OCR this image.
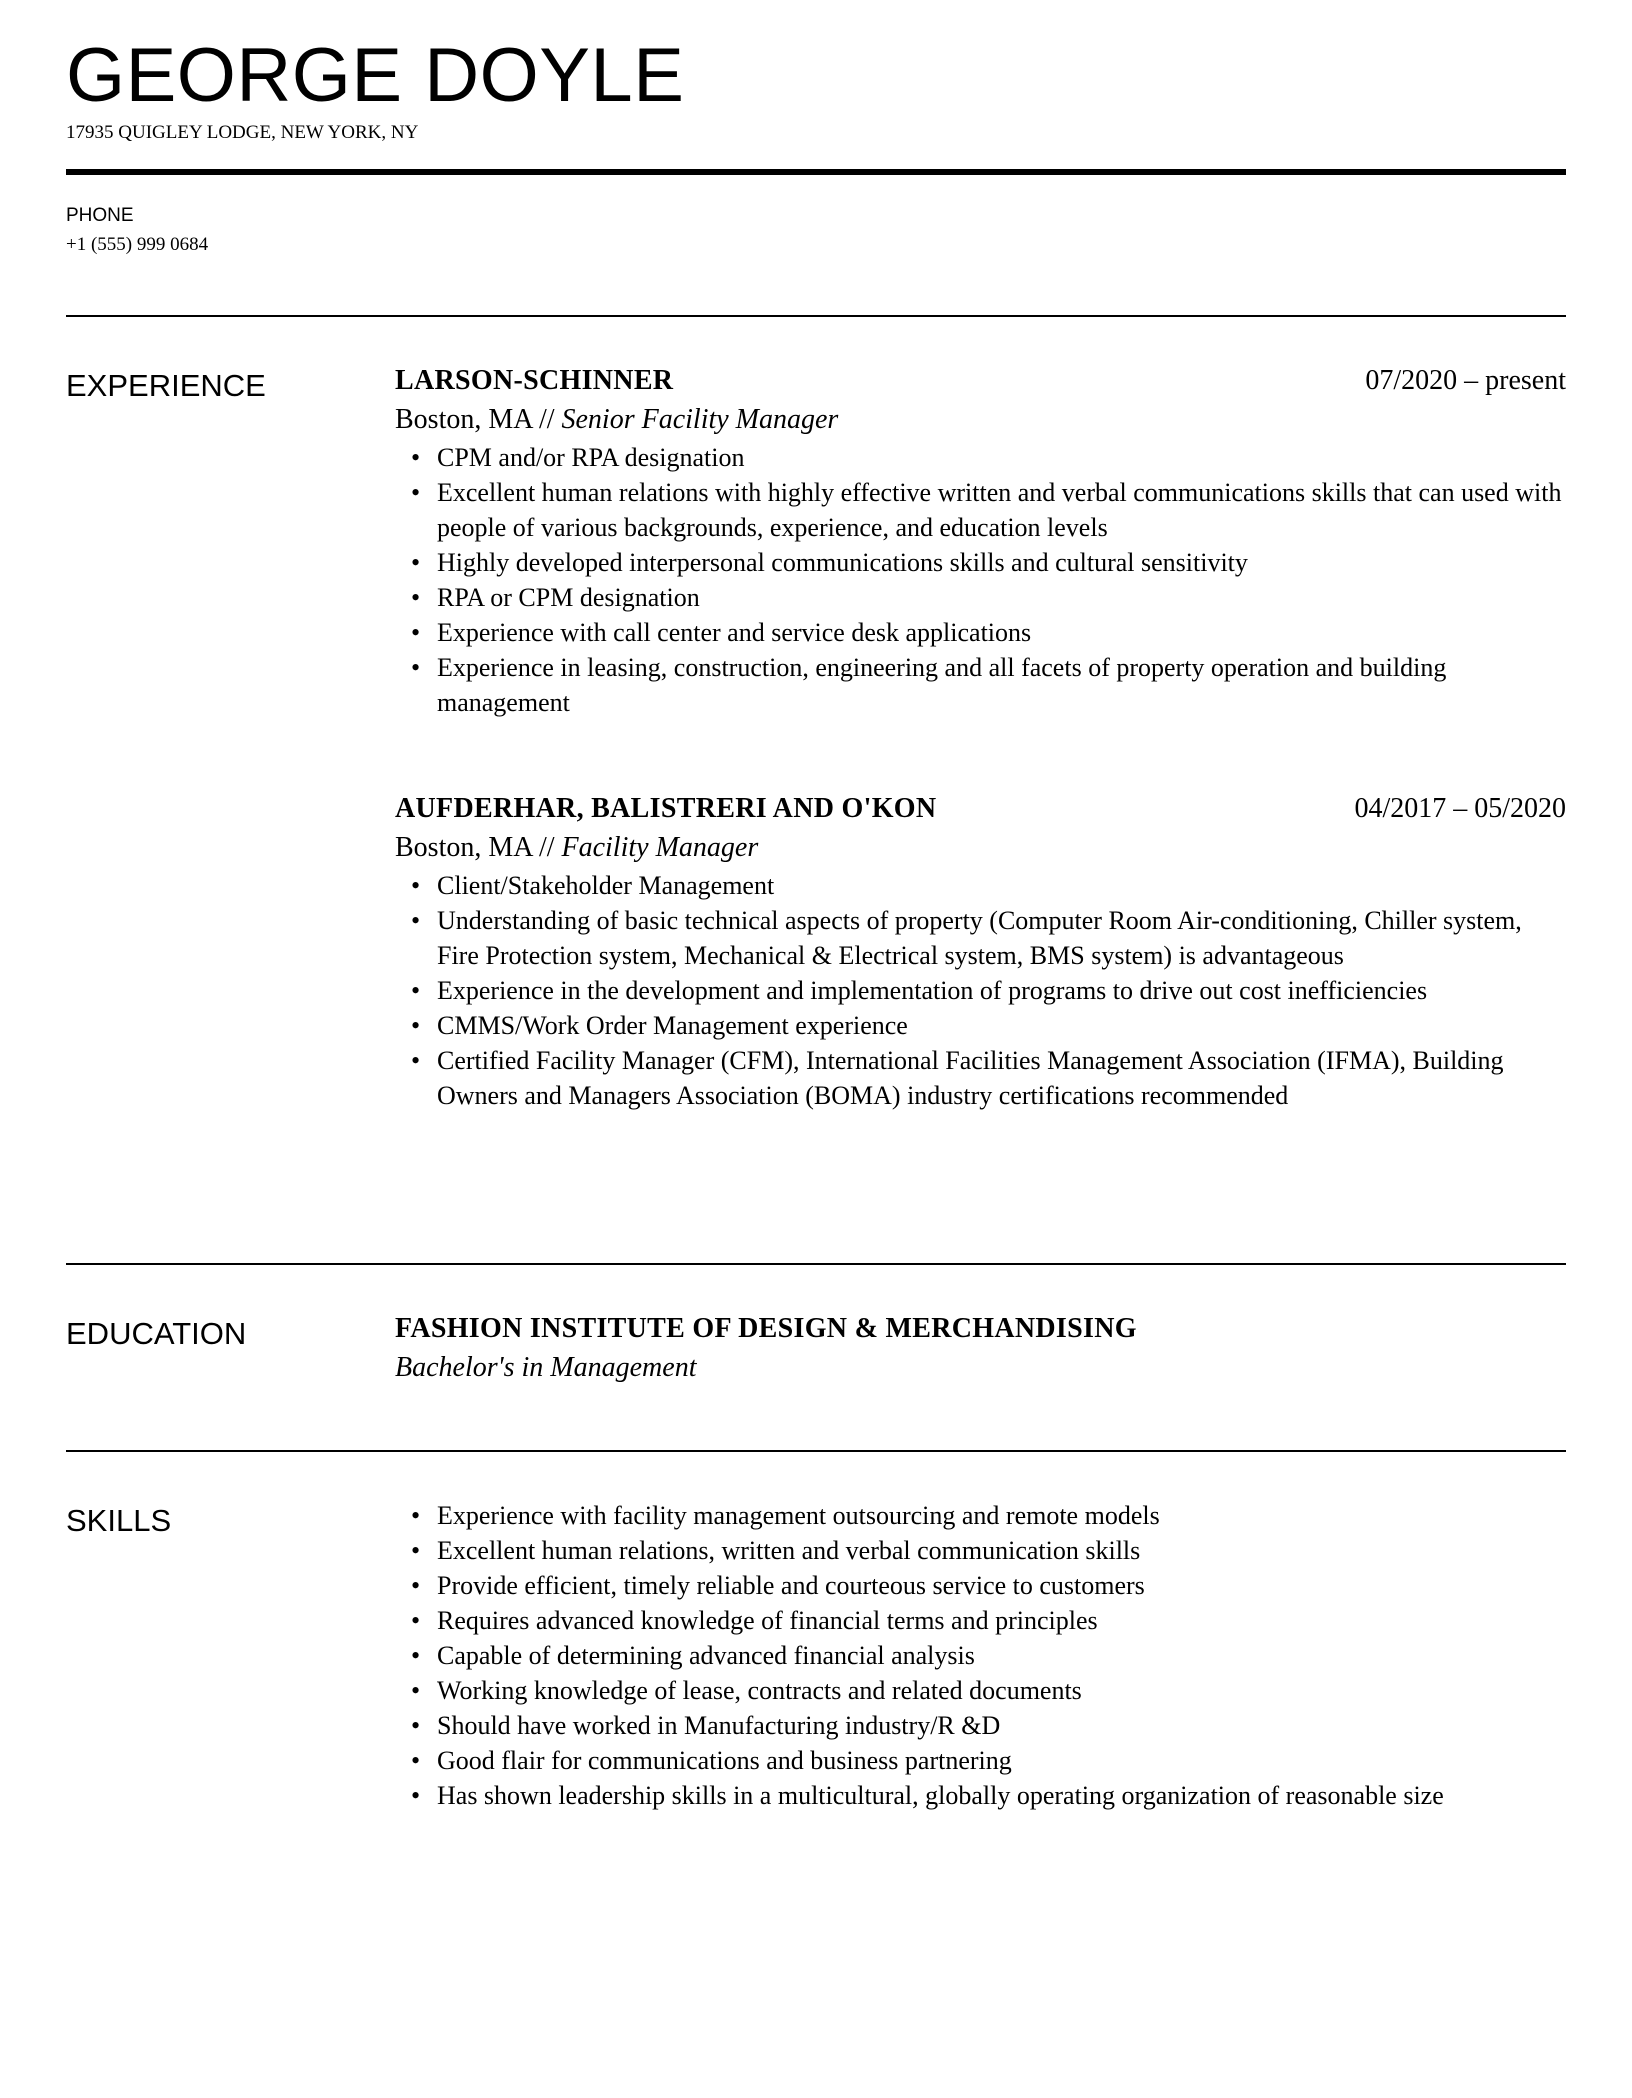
GEORGE DOYLE
17935 QUIGLEY LODGE, NEW YORK, NY
PHONE
+1 (555) 999 0684
EXPERIENCE	LARSON-SCHINNER	07/2020 – present
Boston, MA // Senior Facility Manager
• CPM and/or RPA designation
• Excellent human relations with highly effective written and verbal communications skills that can used with people of various backgrounds, experience, and education levels
• Highly developed interpersonal communications skills and cultural sensitivity
• RPA or CPM designation
• Experience with call center and service desk applications
• Experience in leasing, construction, engineering and all facets of property operation and building management
AUFDERHAR, BALISTRERI AND O'KON	04/2017 – 05/2020
Boston, MA // Facility Manager
• Client/Stakeholder Management
• Understanding of basic technical aspects of property (Computer Room Air-conditioning, Chiller system, Fire Protection system, Mechanical & Electrical system, BMS system) is advantageous
• Experience in the development and implementation of programs to drive out cost inefficiencies
• CMMS/Work Order Management experience
• Certified Facility Manager (CFM), International Facilities Management Association (IFMA), Building Owners and Managers Association (BOMA) industry certifications recommended
EDUCATION	FASHION INSTITUTE OF DESIGN & MERCHANDISING
Bachelor's in Management
SKILLS
•	Experience with facility management outsourcing and remote models
• Excellent human relations, written and verbal communication skills
• Provide efficient, timely reliable and courteous service to customers
• Requires advanced knowledge of financial terms and principles
• Capable of determining advanced financial analysis
• Working knowledge of lease, contracts and related documents
• Should have worked in Manufacturing industry/R &D
• Good flair for communications and business partnering
• Has shown leadership skills in a multicultural, globally operating organization of reasonable size
